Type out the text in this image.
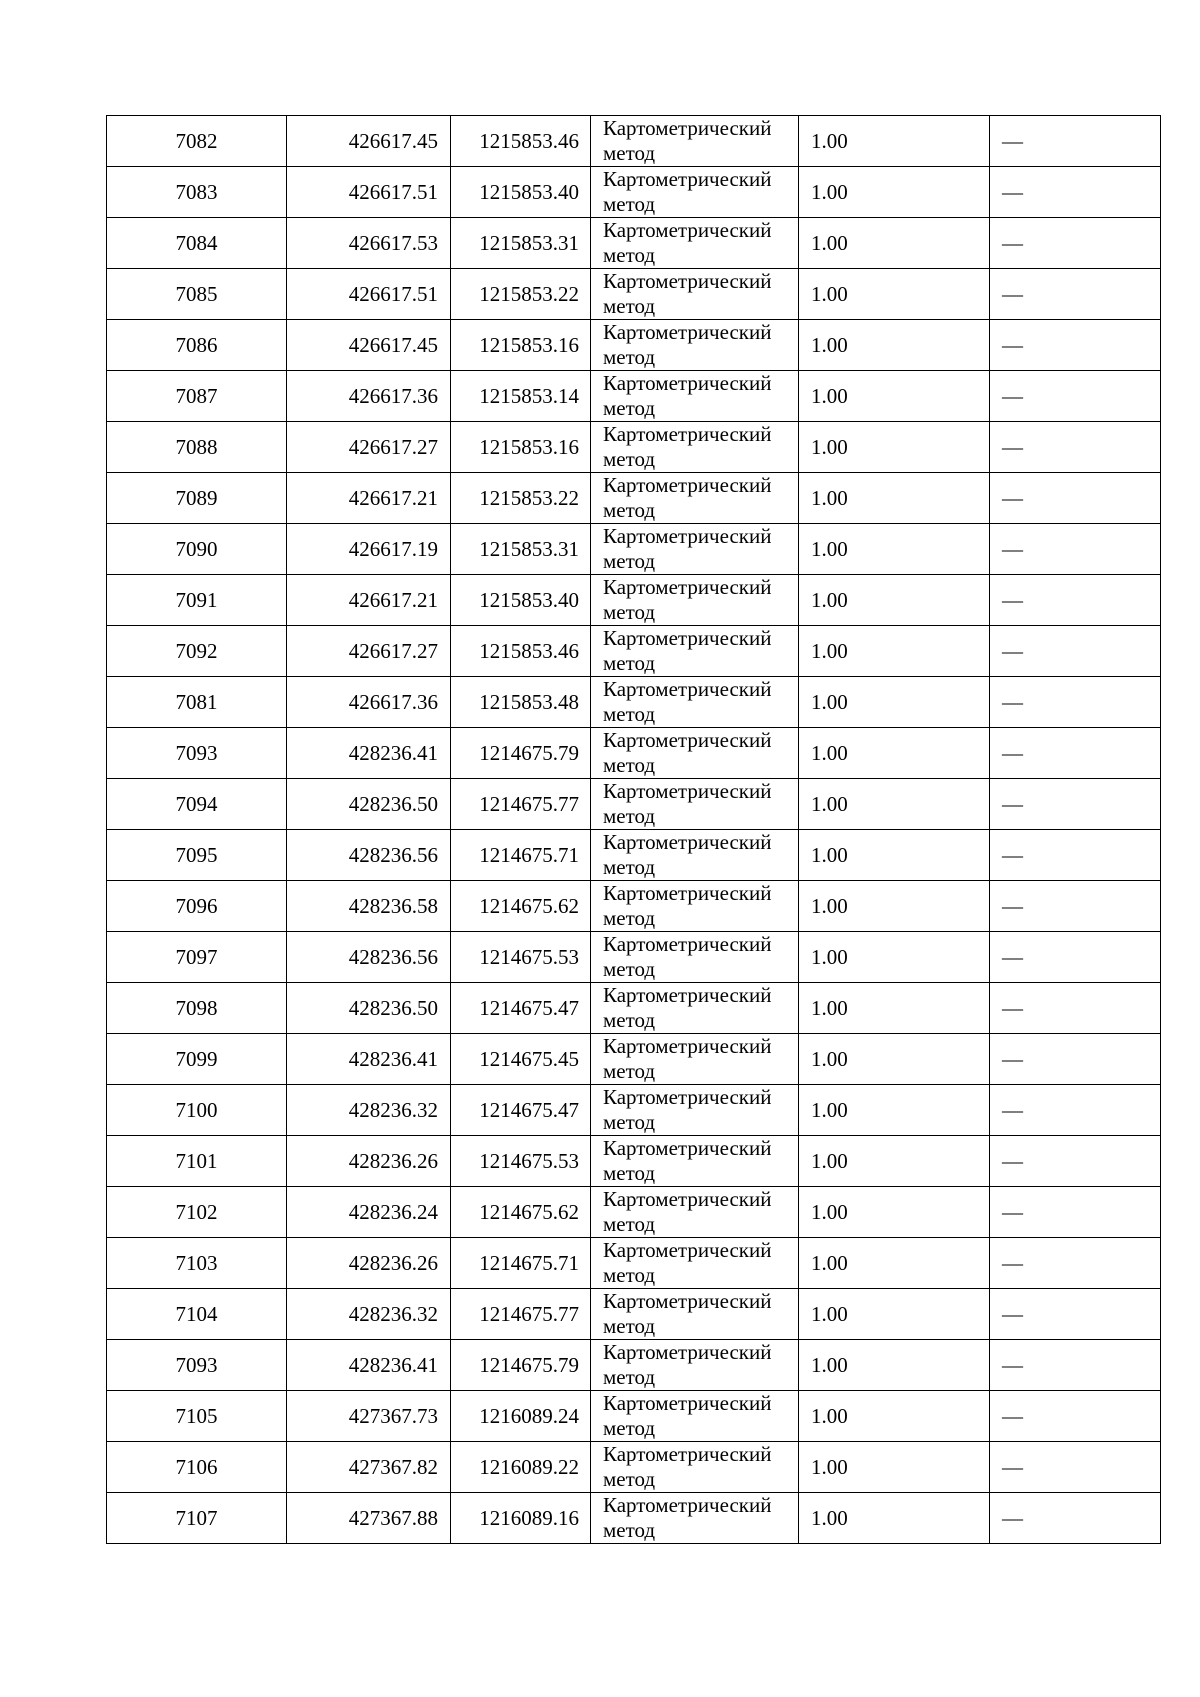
7082	426617.45	1215853.46	Картометрический метод	1.00	—
7083	426617.51	1215853.40	Картометрический метод	1.00	—
7084	426617.53	1215853.31	Картометрический метод	1.00	—
7085	426617.51	1215853.22	Картометрический метод	1.00	—
7086	426617.45	1215853.16	Картометрический метод	1.00	—
7087	426617.36	1215853.14	Картометрический метод	1.00	—
7088	426617.27	1215853.16	Картометрический метод	1.00	—
7089	426617.21	1215853.22	Картометрический метод	1.00	—
7090	426617.19	1215853.31	Картометрический метод	1.00	—
7091	426617.21	1215853.40	Картометрический метод	1.00	—
7092	426617.27	1215853.46	Картометрический метод	1.00	—
7081	426617.36	1215853.48	Картометрический метод	1.00	—
7093	428236.41	1214675.79	Картометрический метод	1.00	—
7094	428236.50	1214675.77	Картометрический метод	1.00	—
7095	428236.56	1214675.71	Картометрический метод	1.00	—
7096	428236.58	1214675.62	Картометрический метод	1.00	—
7097	428236.56	1214675.53	Картометрический метод	1.00	—
7098	428236.50	1214675.47	Картометрический метод	1.00	—
7099	428236.41	1214675.45	Картометрический метод	1.00	—
7100	428236.32	1214675.47	Картометрический метод	1.00	—
7101	428236.26	1214675.53	Картометрический метод	1.00	—
7102	428236.24	1214675.62	Картометрический метод	1.00	—
7103	428236.26	1214675.71	Картометрический метод	1.00	—
7104	428236.32	1214675.77	Картометрический метод	1.00	—
7093	428236.41	1214675.79	Картометрический метод	1.00	—
7105	427367.73	1216089.24	Картометрический метод	1.00	—
7106	427367.82	1216089.22	Картометрический метод	1.00	—
7107	427367.88	1216089.16	Картометрический метод	1.00	—
